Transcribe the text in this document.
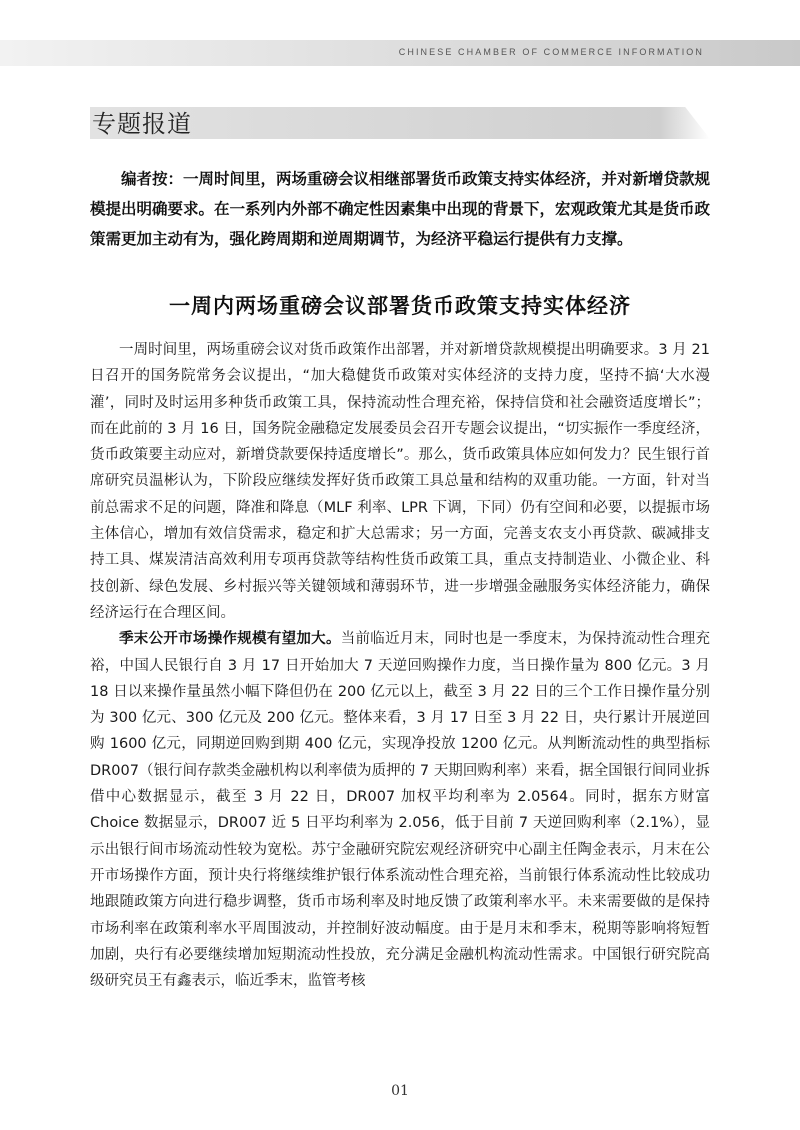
CHINESE CHAMBER OF COMMERCE INFORMATION
专题报道
编者按：一周时间里，两场重磅会议相继部署货币政策支持实体经济，并对新增贷款规模提出明确要求。在一系列内外部不确定性因素集中出现的背景下，宏观政策尤其是货币政策需更加主动有为，强化跨周期和逆周期调节，为经济平稳运行提供有力支撑。
一周内两场重磅会议部署货币政策支持实体经济

一周时间里，两场重磅会议对货币政策作出部署，并对新增贷款规模提出明确要求。3 月 21 日召开的国务院常务会议提出，“加大稳健货币政策对实体经济的支持力度，坚持不搞‘大水漫灌’，同时及时运用多种货币政策工具，保持流动性合理充裕，保持信贷和社会融资适度增长”；而在此前的 3 月 16 日，国务院金融稳定发展委员会召开专题会议提出，“切实振作一季度经济，货币政策要主动应对，新增贷款要保持适度增长”。那么，货币政策具体应如何发力？民生银行首席研究员温彬认为，下阶段应继续发挥好货币政策工具总量和结构的双重功能。一方面，针对当前总需求不足的问题，降准和降息（MLF 利率、LPR 下调，下同）仍有空间和必要，以提振市场主体信心，增加有效信贷需求，稳定和扩大总需求；另一方面，完善支农支小再贷款、碳减排支持工具、煤炭清洁高效利用专项再贷款等结构性货币政策工具，重点支持制造业、小微企业、科技创新、绿色发展、乡村振兴等关键领域和薄弱环节，进一步增强金融服务实体经济能力，确保经济运行在合理区间。

季末公开市场操作规模有望加大。当前临近月末，同时也是一季度末，为保持流动性合理充裕，中国人民银行自 3 月 17 日开始加大 7 天逆回购操作力度，当日操作量为 800 亿元。3 月 18 日以来操作量虽然小幅下降但仍在 200 亿元以上，截至 3 月 22 日的三个工作日操作量分别为 300 亿元、300 亿元及 200 亿元。整体来看，3 月 17 日至 3 月 22 日，央行累计开展逆回购 1600 亿元，同期逆回购到期 400 亿元，实现净投放 1200 亿元。从判断流动性的典型指标 DR007（银行间存款类金融机构以利率债为质押的 7 天期回购利率）来看，据全国银行间同业拆借中心数据显示，截至 3 月 22 日，DR007 加权平均利率为 2.0564。同时，据东方财富 Choice 数据显示，DR007 近 5 日平均利率为 2.056，低于目前 7 天逆回购利率（2.1%），显示出银行间市场流动性较为宽松。苏宁金融研究院宏观经济研究中心副主任陶金表示，月末在公开市场操作方面，预计央行将继续维护银行体系流动性合理充裕，当前银行体系流动性比较成功地跟随政策方向进行稳步调整，货币市场利率及时地反馈了政策利率水平。未来需要做的是保持市场利率在政策利率水平周围波动，并控制好波动幅度。由于是月末和季末，税期等影响将短暂加剧，央行有必要继续增加短期流动性投放，充分满足金融机构流动性需求。中国银行研究院高级研究员王有鑫表示，临近季末，监管考核

01
